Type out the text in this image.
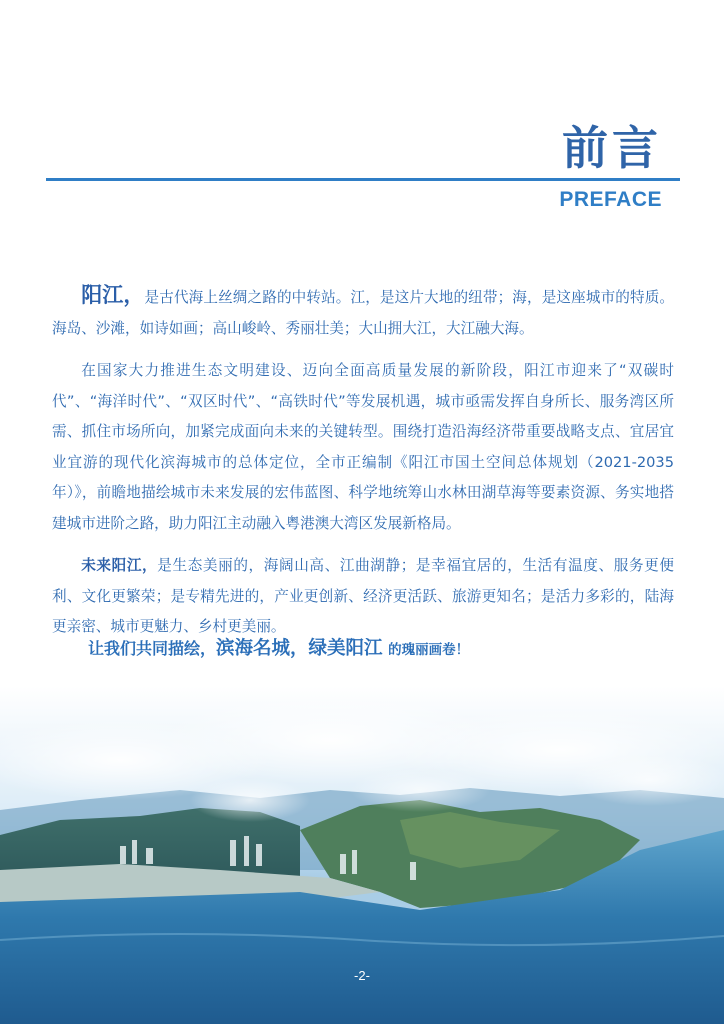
前言
PREFACE

阳江，是古代海上丝绸之路的中转站。江，是这片大地的纽带；海，是这座城市的特质。海岛、沙滩，如诗如画；高山峻岭、秀丽壮美；大山拥大江，大江融大海。

在国家大力推进生态文明建设、迈向全面高质量发展的新阶段，阳江市迎来了“双碳时代”、“海洋时代”、“双区时代”、“高铁时代”等发展机遇，城市亟需发挥自身所长、服务湾区所需、抓住市场所向，加紧完成面向未来的关键转型。围绕打造沿海经济带重要战略支点、宜居宜业宜游的现代化滨海城市的总体定位，全市正编制《阳江市国土空间总体规划（2021-2035年）》，前瞻地描绘城市未来发展的宏伟蓝图、科学地统筹山水林田湖草海等要素资源、务实地搭建城市进阶之路，助力阳江主动融入粤港澳大湾区发展新格局。

未来阳江，是生态美丽的，海阔山高、江曲湖静；是幸福宜居的，生活有温度、服务更便利、文化更繁荣；是专精先进的，产业更创新、经济更活跃、旅游更知名；是活力多彩的，陆海更亲密、城市更魅力、乡村更美丽。

让我们共同描绘，滨海名城，绿美阳江 的瑰丽画卷！
-2-
